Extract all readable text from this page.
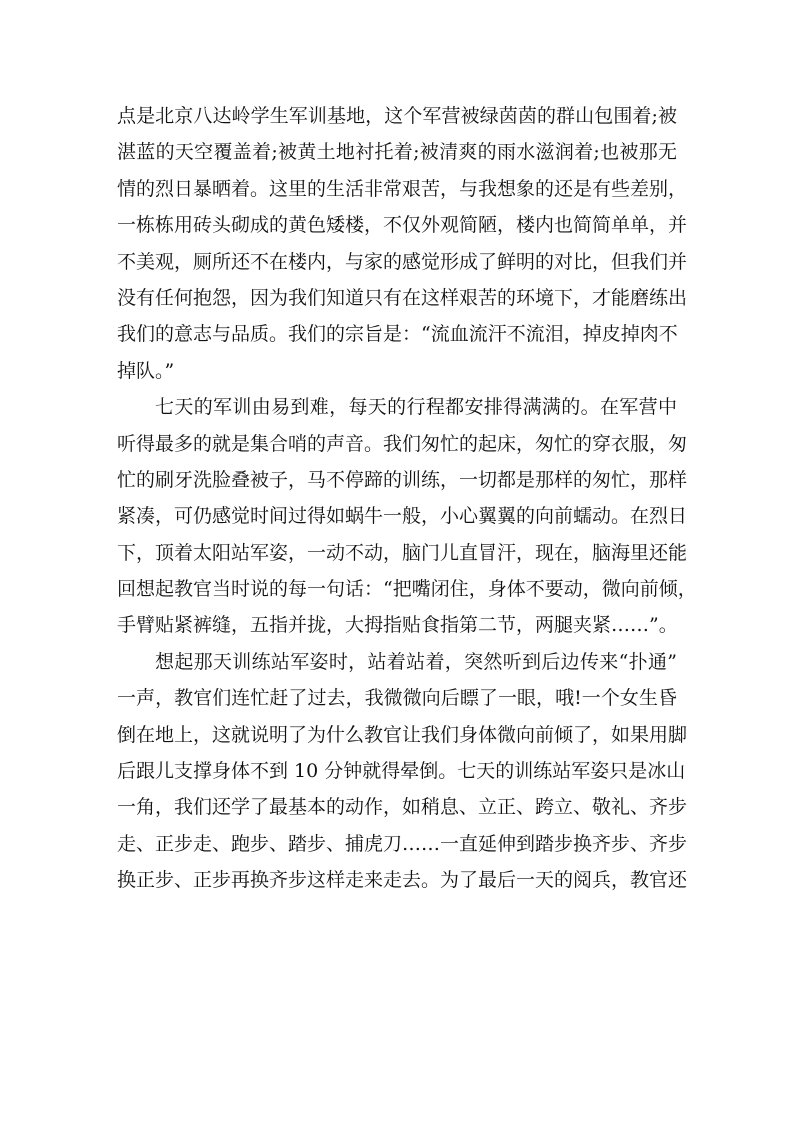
点是北京八达岭学生军训基地，这个军营被绿茵茵的群山包围着;被
湛蓝的天空覆盖着;被黄土地衬托着;被清爽的雨水滋润着;也被那无
情的烈日暴晒着。这里的生活非常艰苦，与我想象的还是有些差别，
一栋栋用砖头砌成的黄色矮楼，不仅外观简陋，楼内也简简单单，并
不美观，厕所还不在楼内，与家的感觉形成了鲜明的对比，但我们并
没有任何抱怨，因为我们知道只有在这样艰苦的环境下，才能磨练出
我们的意志与品质。我们的宗旨是：“流血流汗不流泪，掉皮掉肉不
掉队。”
七天的军训由易到难，每天的行程都安排得满满的。在军营中
听得最多的就是集合哨的声音。我们匆忙的起床，匆忙的穿衣服，匆
忙的刷牙洗脸叠被子，马不停蹄的训练，一切都是那样的匆忙，那样
紧凑，可仍感觉时间过得如蜗牛一般，小心翼翼的向前蠕动。在烈日
下，顶着太阳站军姿，一动不动，脑门儿直冒汗，现在，脑海里还能
回想起教官当时说的每一句话：“把嘴闭住，身体不要动，微向前倾，
手臂贴紧裤缝，五指并拢，大拇指贴食指第二节，两腿夹紧……”。
想起那天训练站军姿时，站着站着，突然听到后边传来“扑通”
一声，教官们连忙赶了过去，我微微向后瞟了一眼，哦!一个女生昏
倒在地上，这就说明了为什么教官让我们身体微向前倾了，如果用脚
后跟儿支撑身体不到 10 分钟就得晕倒。七天的训练站军姿只是冰山
一角，我们还学了最基本的动作，如稍息、立正、跨立、敬礼、齐步
走、正步走、跑步、踏步、捕虎刀……一直延伸到踏步换齐步、齐步
换正步、正步再换齐步这样走来走去。为了最后一天的阅兵，教官还
